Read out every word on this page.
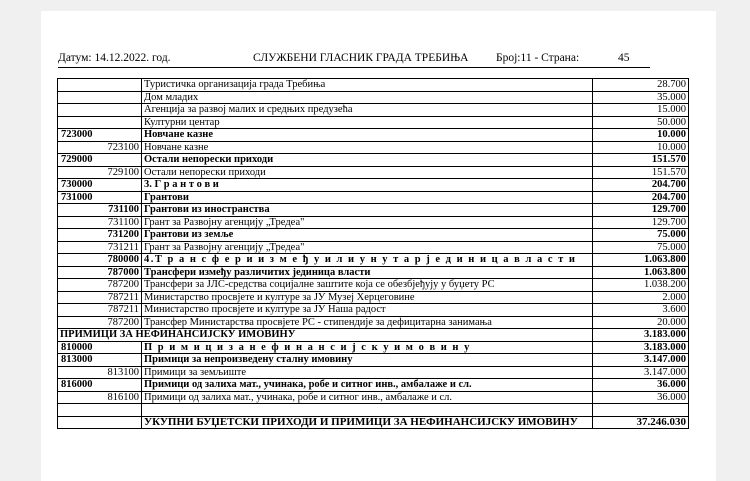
Датум: 14.12.2022. год.	СЛУЖБЕНИ ГЛАСНИК ГРАДА ТРЕБИЊА Број:11 - Страна:	45
	Туристичка организација града Требиња	28.700
	Дом младих	35.000
	Агенција за развој малих и средњих предузећа	15.000
	Културни центар	50.000
723000	Новчане казне	10.000
723100	Новчане казне	10.000
729000	Остали непорески приходи	151.570
729100	Остали непорески приходи	151.570
730000	3. Г р а н т о в и	204.700
731000	Грантови	204.700
731100	Грантови из иностранства	129.700
731100	Грант за Развојну агенцију „Тредеа"	129.700
731200	Грантови из земље	75.000
731211	Грант за Развојну агенцију „Тредеа"	75.000
780000	4.Т р а н с ф е р и и з м е ђ у и л и у н у т а р ј е д и н и ц а в л а с т и	1.063.800
787000	Трансфери између различитих јединица власти	1.063.800
787200	Трансфери за ЈЛС-средства социјалне заштите која се обезбјеђују у буџету РС	1.038.200
787211	Министарство просвјете и културе за ЈУ Музеј Херцеговине	2.000
787211	Министарство просвјете и културе за ЈУ Наша радост	3.600
787200	Трансфер Министарства просвјете РС - стипендије за дефицитарна занимања	20.000
ПРИМИЦИ ЗА НЕФИНАНСИЈСКУ ИМОВИНУ		3.183.000
810000	П р и м и ц и з а н е ф и н а н с и ј с к у и м о в и н у	3.183.000
813000	Примици за непроизведену сталну имовину	3.147.000
813100	Примици за земљиште	3.147.000
816000	Примици од залиха мат., учинака, робе и ситног инв., амбалаже и сл.	36.000
816100	Примици од залиха мат., учинака, робе и ситног инв., амбалаже и сл.	36.000

	УКУПНИ БУЏЕТСКИ ПРИХОДИ И ПРИМИЦИ ЗА НЕФИНАНСИЈСКУ ИМОВИНУ	37.246.030
